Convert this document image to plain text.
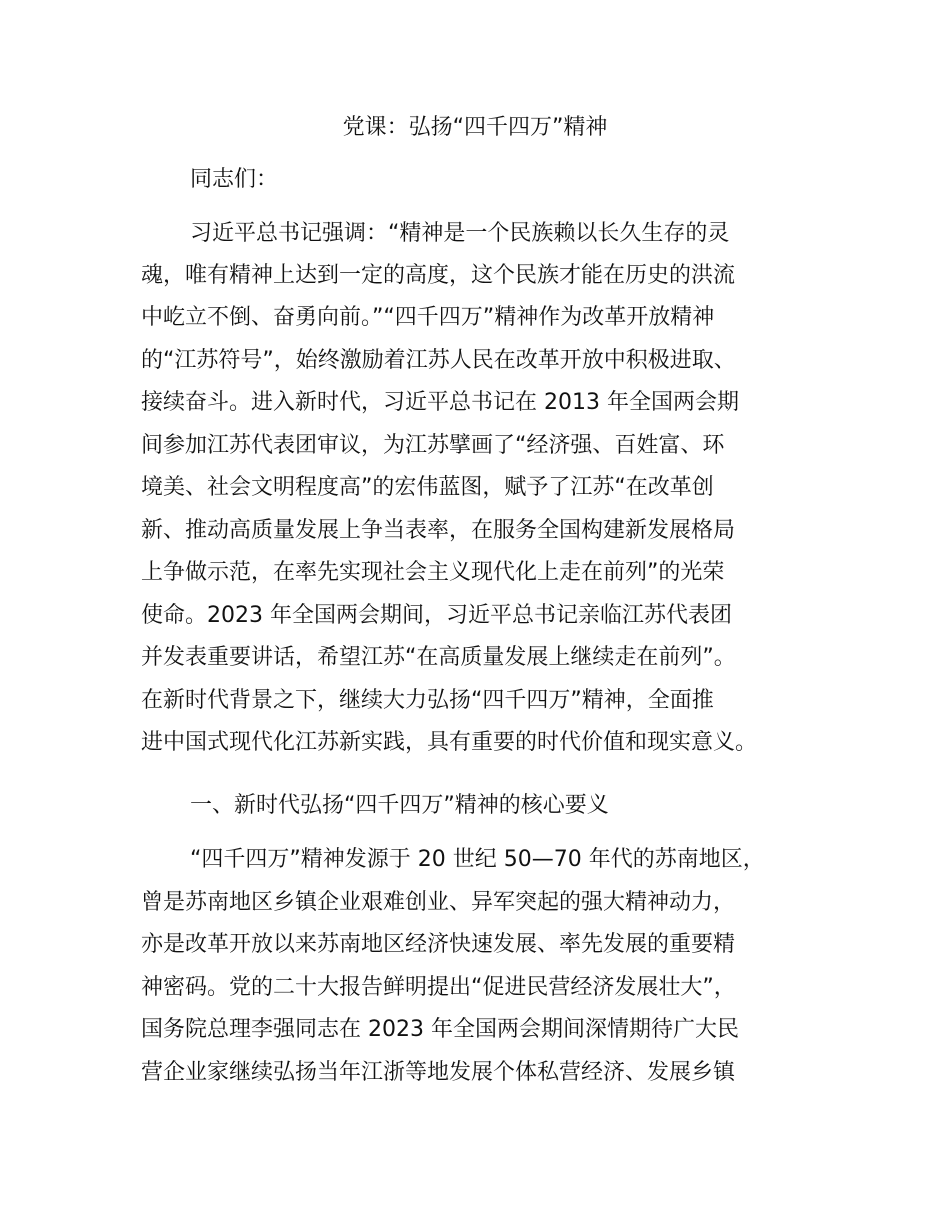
党课：弘扬“四千四万”精神

同志们：

习近平总书记强调：“精神是一个民族赖以长久生存的灵

魂，唯有精神上达到一定的高度，这个民族才能在历史的洪流

中屹立不倒、奋勇向前。”“四千四万”精神作为改革开放精神

的“江苏符号”，始终激励着江苏人民在改革开放中积极进取、

接续奋斗。进入新时代，习近平总书记在 2013 年全国两会期

间参加江苏代表团审议，为江苏擘画了“经济强、百姓富、环

境美、社会文明程度高”的宏伟蓝图，赋予了江苏“在改革创

新、推动高质量发展上争当表率，在服务全国构建新发展格局

上争做示范，在率先实现社会主义现代化上走在前列”的光荣

使命。2023 年全国两会期间，习近平总书记亲临江苏代表团

并发表重要讲话，希望江苏“在高质量发展上继续走在前列”。

在新时代背景之下，继续大力弘扬“四千四万”精神，全面推

进中国式现代化江苏新实践，具有重要的时代价值和现实意义。

一、新时代弘扬“四千四万”精神的核心要义

“四千四万”精神发源于 20 世纪 50—70 年代的苏南地区，

曾是苏南地区乡镇企业艰难创业、异军突起的强大精神动力，

亦是改革开放以来苏南地区经济快速发展、率先发展的重要精

神密码。党的二十大报告鲜明提出“促进民营经济发展壮大”，

国务院总理李强同志在 2023 年全国两会期间深情期待广大民

营企业家继续弘扬当年江浙等地发展个体私营经济、发展乡镇
